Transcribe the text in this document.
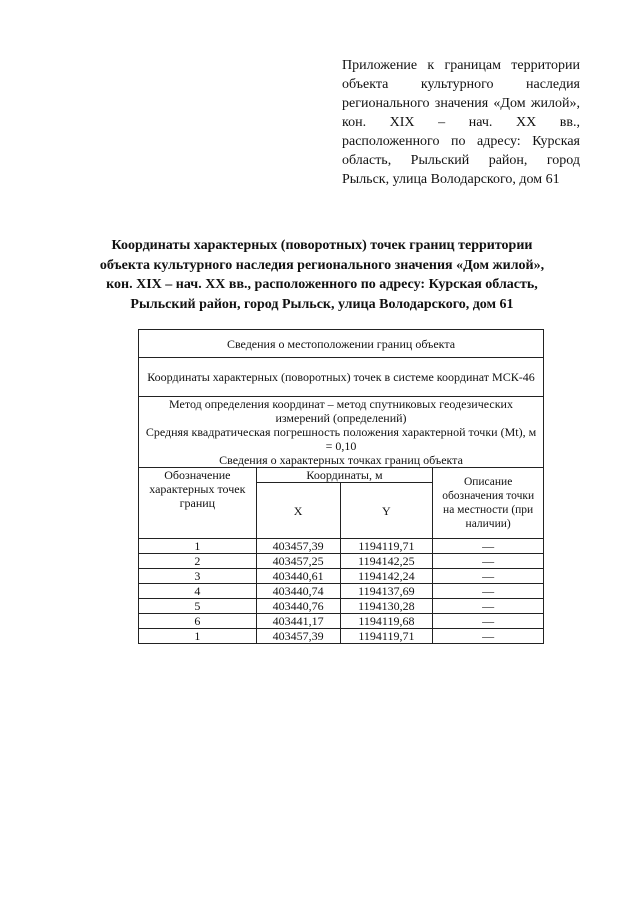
Приложение к границам территории объекта культурного наследия регионального значения «Дом жилой», кон. XIX – нач. XX вв., расположенного по адресу: Курская область, Рыльский район, город Рыльск, улица Володарского, дом 61
Координаты характерных (поворотных) точек границ территории объекта культурного наследия регионального значения «Дом жилой», кон. XIX – нач. XX вв., расположенного по адресу: Курская область, Рыльский район, город Рыльск, улица Володарского, дом 61
Сведения о местоположении границ объекта			
Координаты характерных (поворотных) точек в системе координат МСК-46			

Метод определения координат – метод спутниковых геодезических измерений (определений)
Средняя квадратическая погрешность положения характерной точки (Mt), м = 0,10
Сведения о характерных точках границ объекта			

Обозначение характерных точек границ	Координаты, м		Описание обозначения точки на местности (при наличии)
	X	Y	
1	403457,39	1194119,71	—
2	403457,25	1194142,25	—
3	403440,61	1194142,24	—
4	403440,74	1194137,69	—
5	403440,76	1194130,28	—
6	403441,17	1194119,68	—
1	403457,39	1194119,71	—
